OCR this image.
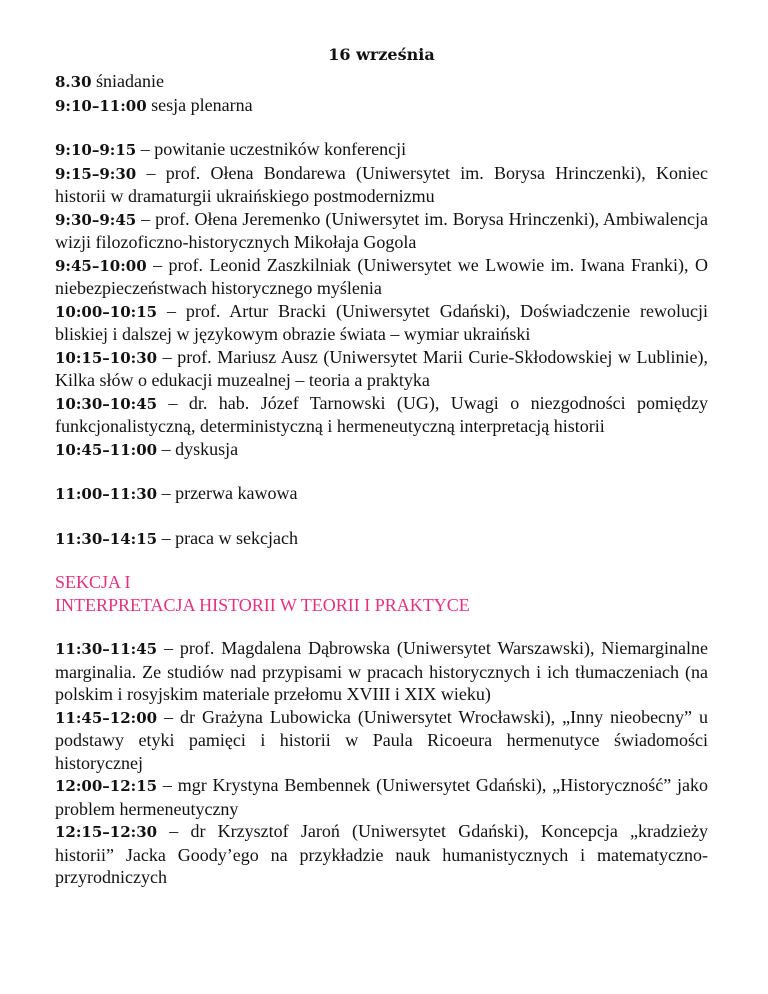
16 września

8.30 śniadanie

9:10–11:00 sesja plenarna

9:10–9:15 – powitanie uczestników konferencji

9:15–9:30 – prof. Ołena Bondarewa (Uniwersytet im. Borysa Hrinczenki), Koniec historii w dramaturgii ukraińskiego postmodernizmu

9:30–9:45 – prof. Ołena Jeremenko (Uniwersytet im. Borysa Hrinczenki), Ambiwalencja wizji filozoficzno-historycznych Mikołaja Gogola

9:45–10:00 – prof. Leonid Zaszkilniak (Uniwersytet we Lwowie im. Iwana Franki), O niebezpieczeństwach historycznego myślenia

10:00–10:15 – prof. Artur Bracki (Uniwersytet Gdański), Doświadczenie rewolucji bliskiej i dalszej w językowym obrazie świata – wymiar ukraiński

10:15–10:30 – prof. Mariusz Ausz (Uniwersytet Marii Curie-Skłodowskiej w Lublinie), Kilka słów o edukacji muzealnej – teoria a praktyka

10:30–10:45 – dr. hab. Józef Tarnowski (UG), Uwagi o niezgodności pomiędzy funkcjonalistyczną, deterministyczną i hermeneutyczną interpretacją historii

10:45–11:00 – dyskusja

11:00–11:30 – przerwa kawowa

11:30–14:15 – praca w sekcjach

SEKCJA I

INTERPRETACJA HISTORII W TEORII I PRAKTYCE

11:30–11:45 – prof. Magdalena Dąbrowska (Uniwersytet Warszawski), Niemarginalne marginalia. Ze studiów nad przypisami w pracach historycznych i ich tłumaczeniach (na polskim i rosyjskim materiale przełomu XVIII i XIX wieku)

11:45–12:00 – dr Grażyna Lubowicka (Uniwersytet Wrocławski), „Inny nieobecny” u podstawy etyki pamięci i historii w Paula Ricoeura hermenutyce świadomości historycznej

12:00–12:15 – mgr Krystyna Bembennek (Uniwersytet Gdański), „Historyczność” jako problem hermeneutyczny

12:15–12:30 – dr Krzysztof Jaroń (Uniwersytet Gdański), Koncepcja „kradzieży historii” Jacka Goody’ego na przykładzie nauk humanistycznych i matematyczno-przyrodniczych
